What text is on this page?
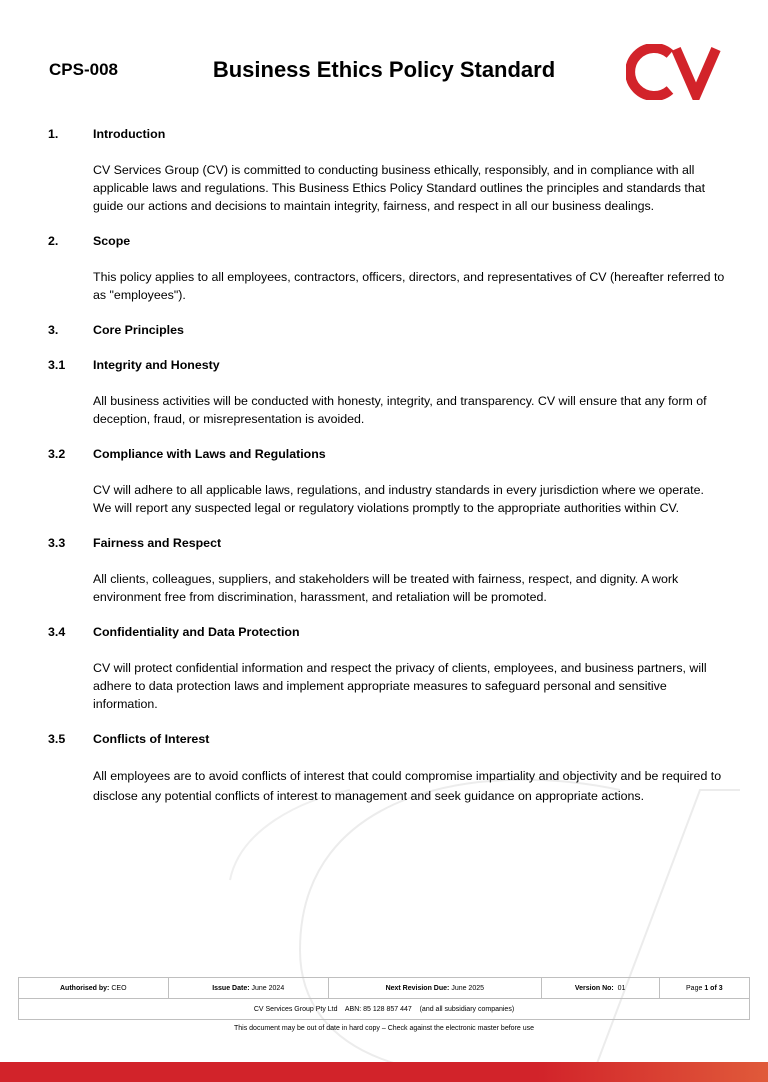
CPS-008	Business Ethics Policy Standard
1.	Introduction
CV Services Group (CV) is committed to conducting business ethically, responsibly, and in compliance with all applicable laws and regulations. This Business Ethics Policy Standard outlines the principles and standards that guide our actions and decisions to maintain integrity, fairness, and respect in all our business dealings.
2.	Scope
This policy applies to all employees, contractors, officers, directors, and representatives of CV (hereafter referred to as "employees").
3.	Core Principles
3.1 Integrity and Honesty
All business activities will be conducted with honesty, integrity, and transparency. CV will ensure that any form of deception, fraud, or misrepresentation is avoided.
3.2 Compliance with Laws and Regulations
CV will adhere to all applicable laws, regulations, and industry standards in every jurisdiction where we operate. We will report any suspected legal or regulatory violations promptly to the appropriate authorities within CV.
3.3 Fairness and Respect
All clients, colleagues, suppliers, and stakeholders will be treated with fairness, respect, and dignity. A work environment free from discrimination, harassment, and retaliation will be promoted.
3.4 Confidentiality and Data Protection
CV will protect confidential information and respect the privacy of clients, employees, and business partners, will adhere to data protection laws and implement appropriate measures to safeguard personal and sensitive information.
3.5 Conflicts of Interest
All employees are to avoid conflicts of interest that could compromise impartiality and objectivity and be required to disclose any potential conflicts of interest to management and seek guidance on appropriate actions.
Authorised by: CEO	Issue Date: June 2024	Next Revision Due: June 2025	Version No: 01	Page 1 of 3
CV Services Group Pty Ltd    ABN: 85 128 857 447    (and all subsidiary companies)
This document may be out of date in hard copy – Check against the electronic master before use
